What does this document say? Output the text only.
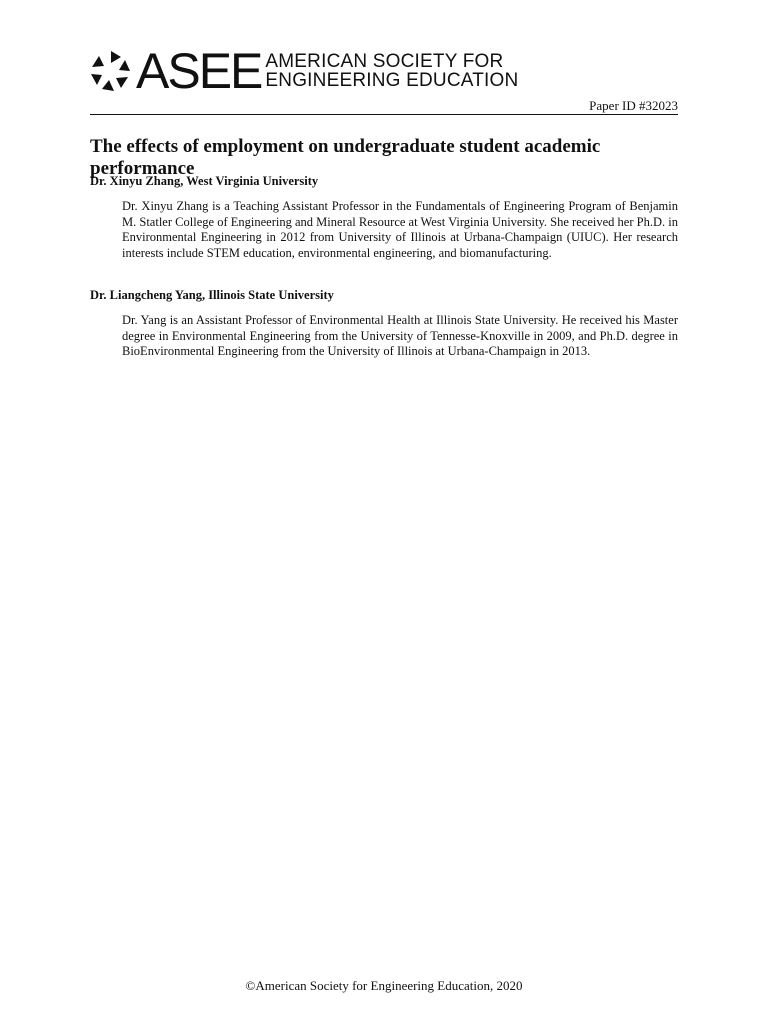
ASEE AMERICAN SOCIETY FOR
ENGINEERING EDUCATION
Paper ID #32023
The effects of employment on undergraduate student academic performance

Dr. Xinyu Zhang, West Virginia University

Dr. Xinyu Zhang is a Teaching Assistant Professor in the Fundamentals of Engineering Program of Benjamin M. Statler College of Engineering and Mineral Resource at West Virginia University. She received her Ph.D. in Environmental Engineering in 2012 from University of Illinois at Urbana-Champaign (UIUC). Her research interests include STEM education, environmental engineering, and biomanufacturing.

Dr. Liangcheng Yang, Illinois State University

Dr. Yang is an Assistant Professor of Environmental Health at Illinois State University. He received his Master degree in Environmental Engineering from the University of Tennesse-Knoxville in 2009, and Ph.D. degree in BioEnvironmental Engineering from the University of Illinois at Urbana-Champaign in 2013.

©American Society for Engineering Education, 2020
